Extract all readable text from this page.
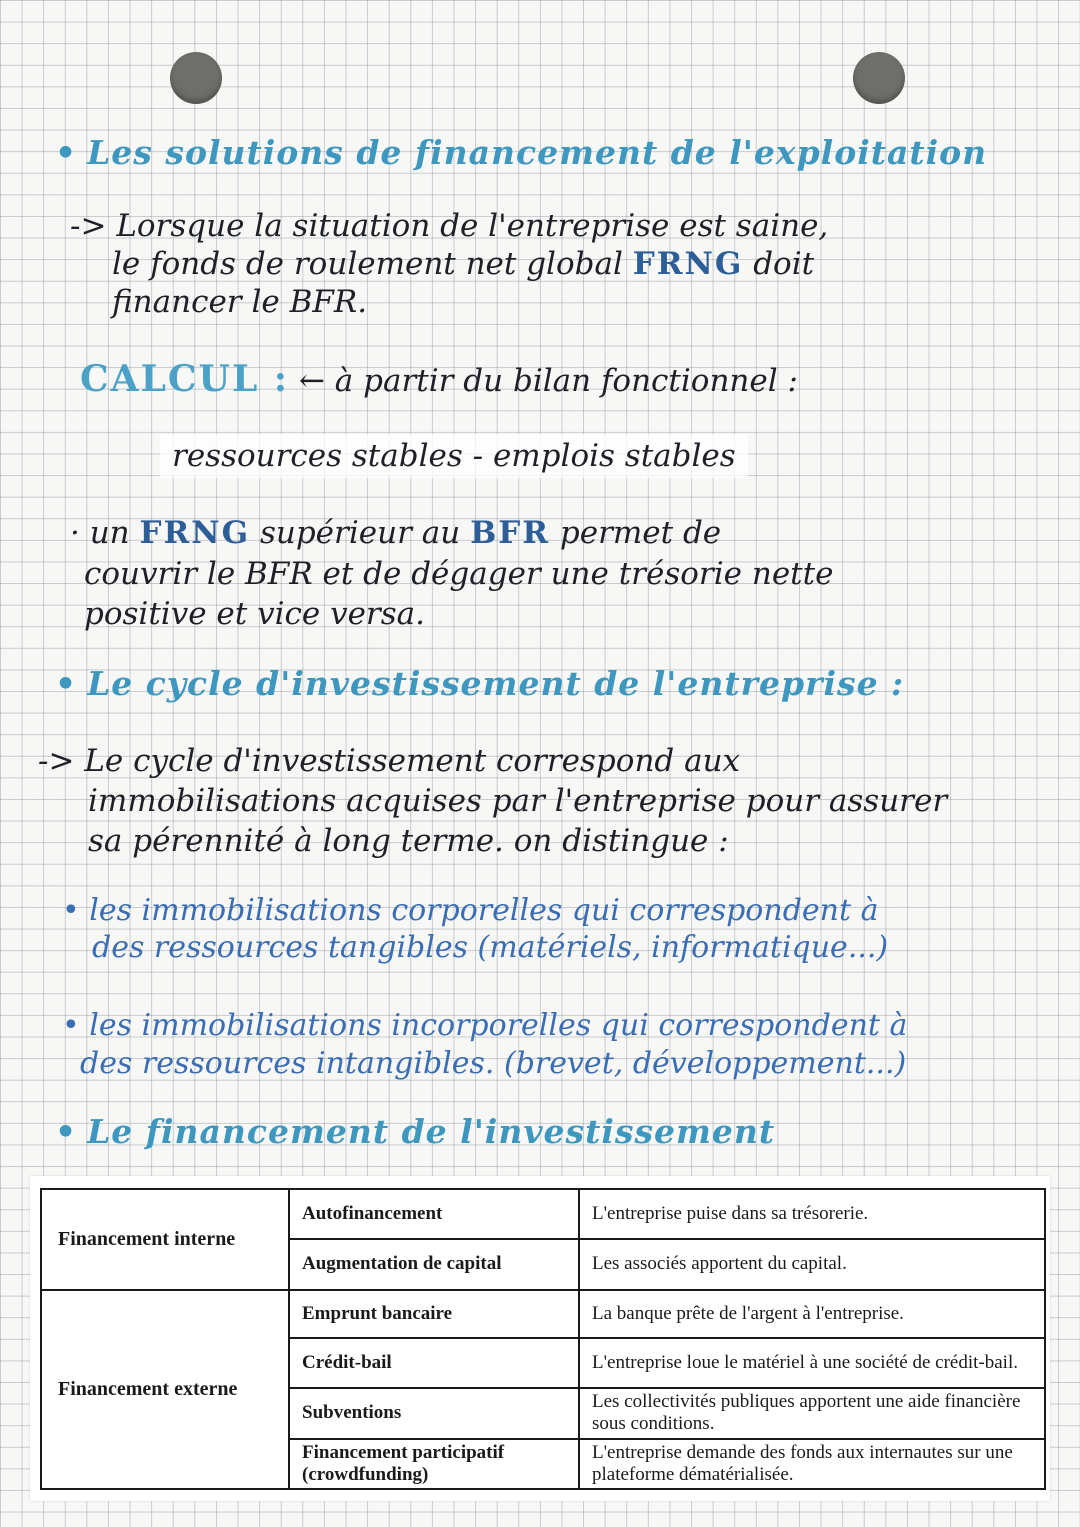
• Les solutions de financement de l'exploitation
-> Lorsque la situation de l'entreprise est saine,
le fonds de roulement net global FRNG doit
financer le BFR.
CALCUL : ← à partir du bilan fonctionnel :
ressources stables - emplois stables
· un FRNG supérieur au BFR permet de
couvrir le BFR et de dégager une trésorie nette
positive et vice versa.
• Le cycle d'investissement de l'entreprise :
-> Le cycle d'investissement correspond aux
immobilisations acquises par l'entreprise pour assurer
sa pérennité à long terme. on distingue :
• les immobilisations corporelles qui correspondent à
des ressources tangibles (matériels, informatique...)
• les immobilisations incorporelles qui correspondent à
des ressources intangibles. (brevet, développement...)
• Le financement de l'investissement
Financement interne	Autofinancement	L'entreprise puise dans sa trésorerie.
	Augmentation de capital	Les associés apportent du capital.
Financement externe	Emprunt bancaire	La banque prête de l'argent à l'entreprise.
	Crédit-bail	L'entreprise loue le matériel à une société de crédit-bail.
	Subventions	Les collectivités publiques apportent une aide financière sous conditions.
	Financement participatif (crowdfunding)	L'entreprise demande des fonds aux internautes sur une plateforme dématérialisée.
